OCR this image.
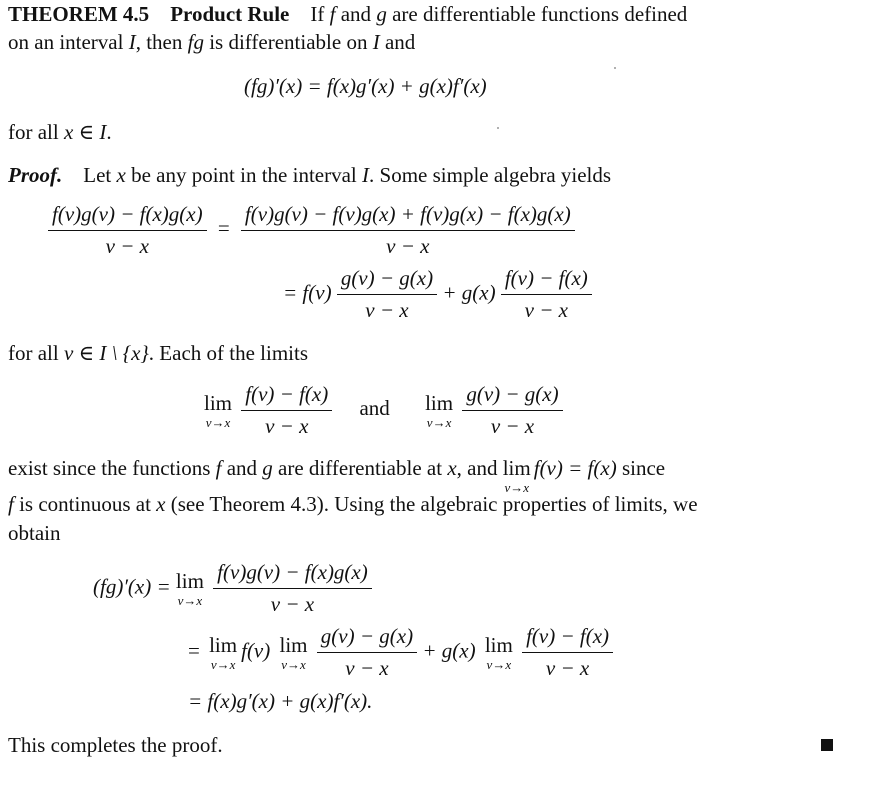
THEOREM 4.5 Product Rule If f and g are differentiable functions defined
on an interval I, then fg is differentiable on I and
(fg)′(x) = f(x)g′(x) + g(x)f′(x)
for all x ∈ I.
Proof. Let x be any point in the interval I. Some simple algebra yields
$\frac{f(v)g(v) - f(x)g(x)}{v - x} = \frac{f(v)g(v) - f(v)g(x) + f(v)g(x) - f(x)g(x)}{v - x}$
= $f(v) \frac{g(v) - g(x)}{v - x} + g(x) \frac{f(v) - f(x)}{v - x}$
for all v ∈ I \ {x}. Each of the limits
lim
v→x
$\frac{f(v) - f(x)}{v - x}$ and lim
v→x
$\frac{g(v) - g(x)}{v - x}$
exist since the functions f and g are differentiable at x, and lim
v→x
f(v) = f(x) since
f is continuous at x (see Theorem 4.3). Using the algebraic properties of limits, we
obtain
(fg)′(x) = lim
v→x
$\frac{f(v)g(v) - f(x)g(x)}{v - x}$
= lim
v→x
f(v) lim
v→x
$\frac{g(v) - g(x)}{v - x} + g(x)$ lim
v→x
$\frac{f(v) - f(x)}{v - x}$
= f(x)g′(x) + g(x)f′(x).
This completes the proof.
